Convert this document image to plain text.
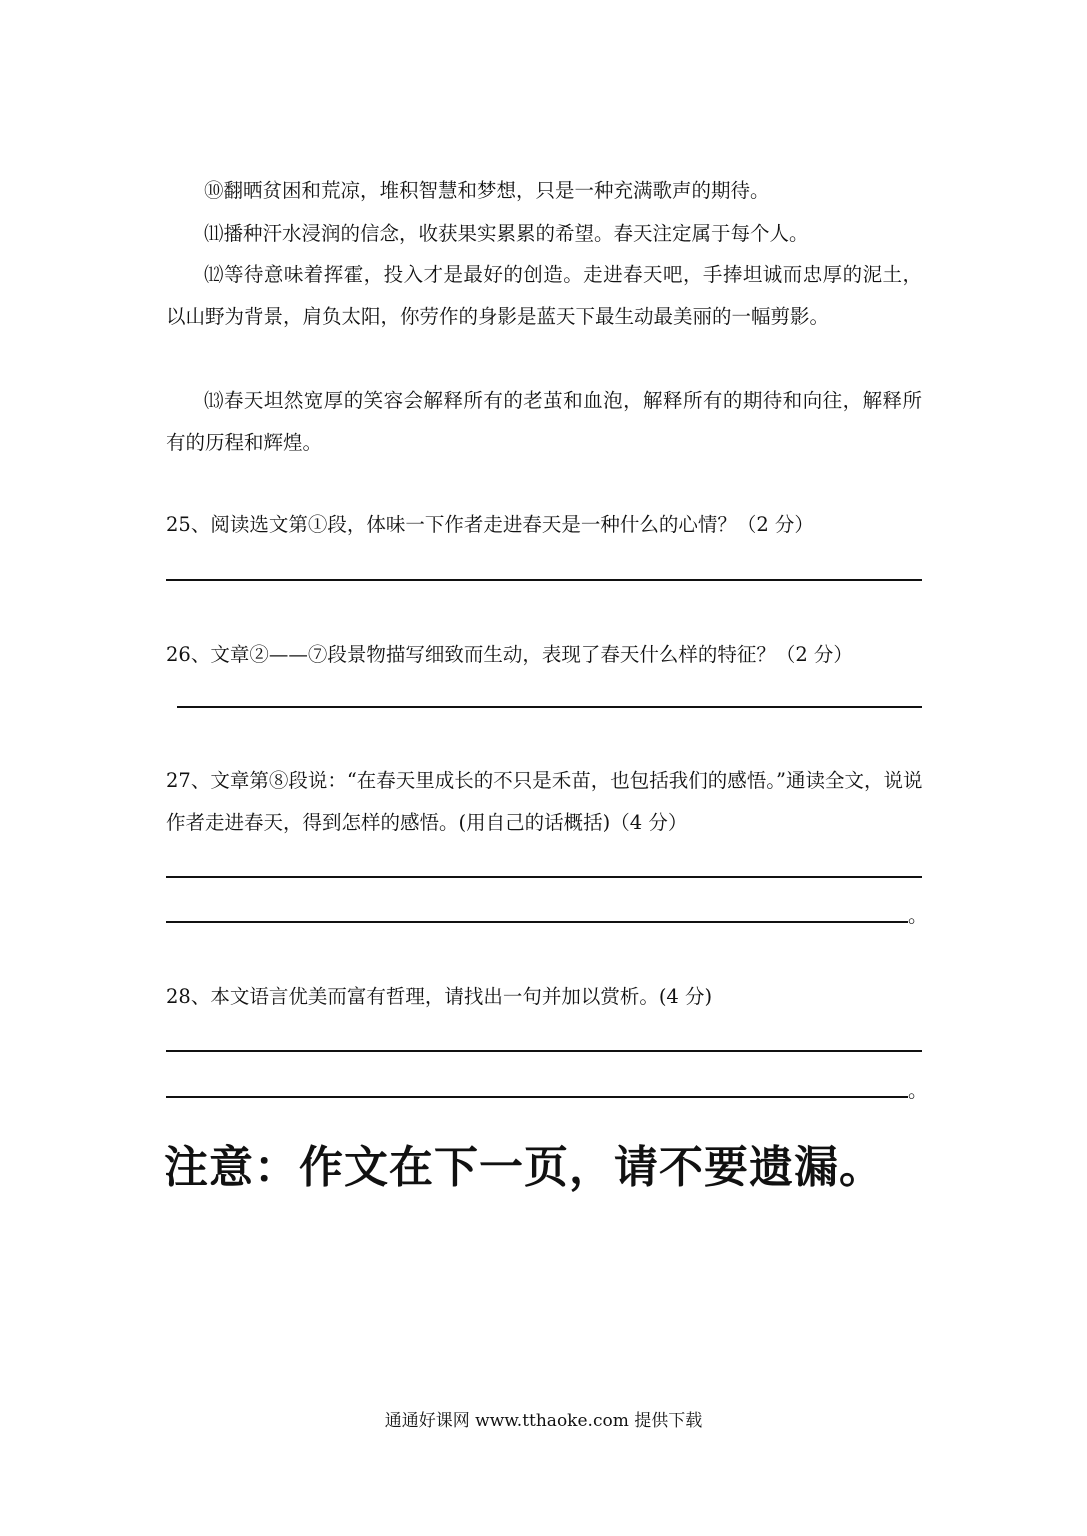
⑩翻晒贫困和荒凉，堆积智慧和梦想，只是一种充满歌声的期待。

⑾播种汗水浸润的信念，收获果实累累的希望。春天注定属于每个人。

⑿等待意味着挥霍，投入才是最好的创造。走进春天吧，手捧坦诚而忠厚的泥土，以山野为背景，肩负太阳，你劳作的身影是蓝天下最生动最美丽的一幅剪影。

⒀春天坦然宽厚的笑容会解释所有的老茧和血泡，解释所有的期待和向往，解释所有的历程和辉煌。

25、阅读选文第①段，体味一下作者走进春天是一种什么的心情？（2 分）

26、文章②——⑦段景物描写细致而生动，表现了春天什么样的特征？（2 分）

27、文章第⑧段说：“在春天里成长的不只是禾苗，也包括我们的感悟。”通读全文，说说作者走进春天，得到怎样的感悟。(用自己的话概括)（4 分）

。

28、本文语言优美而富有哲理，请找出一句并加以赏析。(4 分)

。

注意：作文在下一页，请不要遗漏。

通通好课网 www.tthaoke.com 提供下载
